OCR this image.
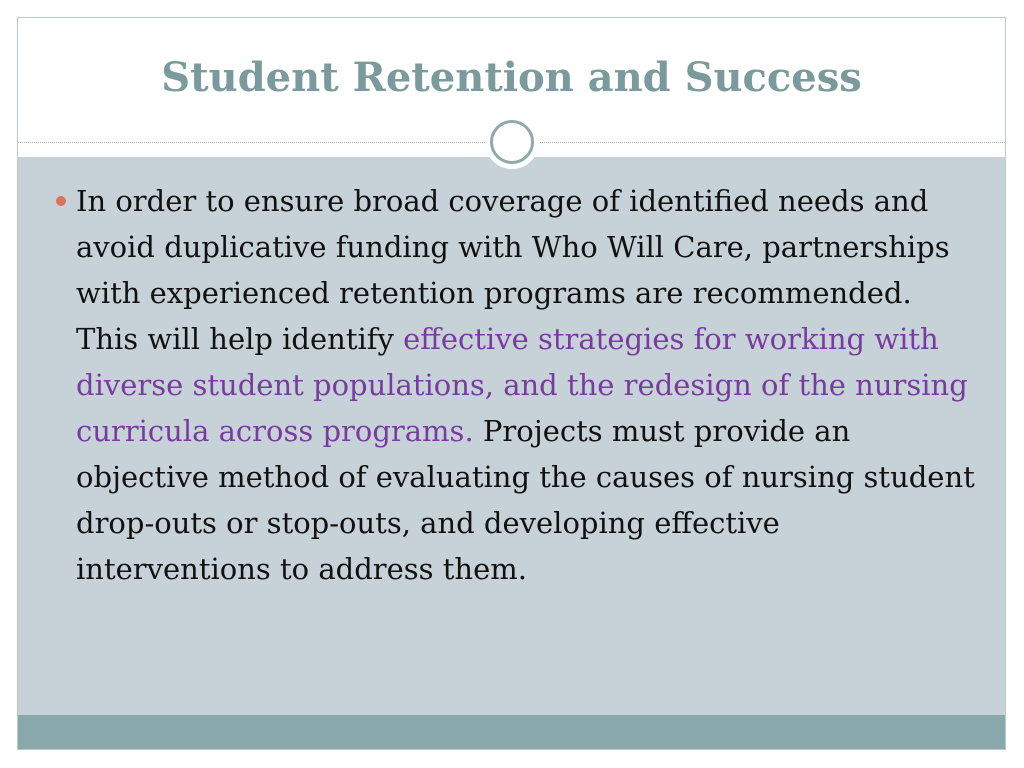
Student Retention and Success
In order to ensure broad coverage of identified needs and avoid duplicative funding with Who Will Care, partnerships with experienced retention programs are recommended. This will help identify effective strategies for working with diverse student populations, and the redesign of the nursing curricula across programs. Projects must provide an objective method of evaluating the causes of nursing student drop-outs or stop-outs, and developing effective interventions to address them.
